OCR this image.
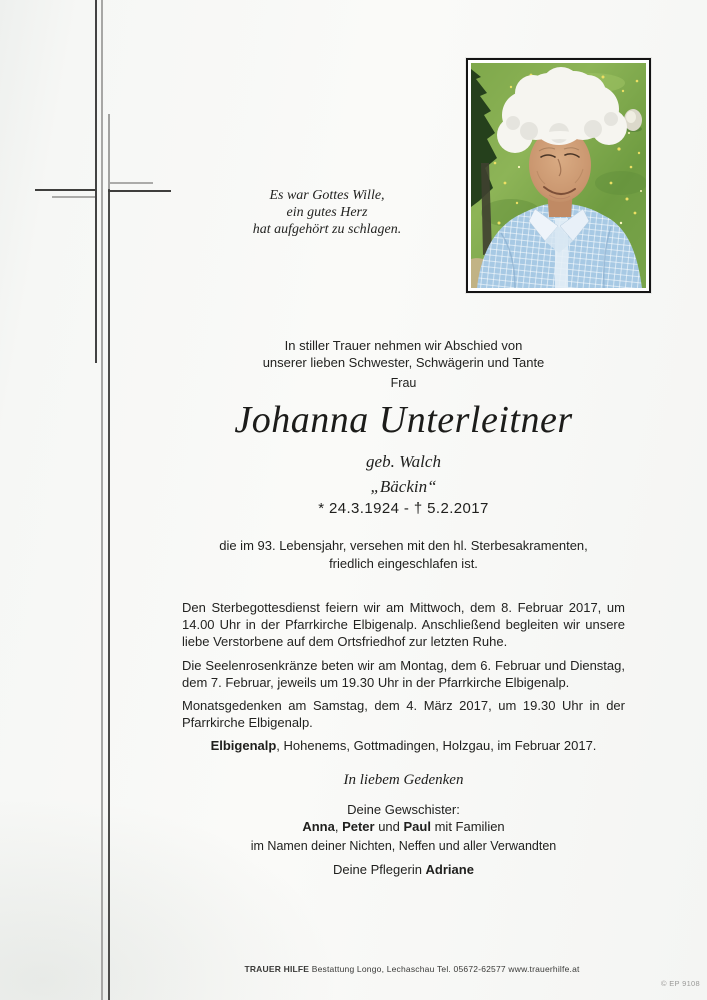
Es war Gottes Wille,
ein gutes Herz
hat aufgehört zu schlagen.
In stiller Trauer nehmen wir Abschied von
unserer lieben Schwester, Schwägerin und Tante
Frau
Johanna Unterleitner
geb. Walch
„Bäckin“
* 24.3.1924 - † 5.2.2017
die im 93. Lebensjahr, versehen mit den hl. Sterbesakramenten,
friedlich eingeschlafen ist.

Den Sterbegottesdienst feiern wir am Mittwoch, dem 8. Februar 2017, um 14.00 Uhr in der Pfarrkirche Elbigenalp. Anschließend begleiten wir unsere liebe Verstorbene auf dem Ortsfriedhof zur letzten Ruhe.

Die Seelenrosenkränze beten wir am Montag, dem 6. Februar und Dienstag, dem 7. Februar, jeweils um 19.30 Uhr in der Pfarrkirche Elbigenalp.

Monatsgedenken am Samstag, dem 4. März 2017, um 19.30 Uhr in der Pfarrkirche Elbigenalp.

Elbigenalp, Hohenems, Gottmadingen, Holzgau, im Februar 2017.
In liebem Gedenken
Deine Gewschister:
Anna, Peter und Paul mit Familien
im Namen deiner Nichten, Neffen und aller Verwandten
Deine Pflegerin Adriane
TRAUER HILFE Bestattung Longo, Lechaschau Tel. 05672-62577 www.trauerhilfe.at
© EP 9108
